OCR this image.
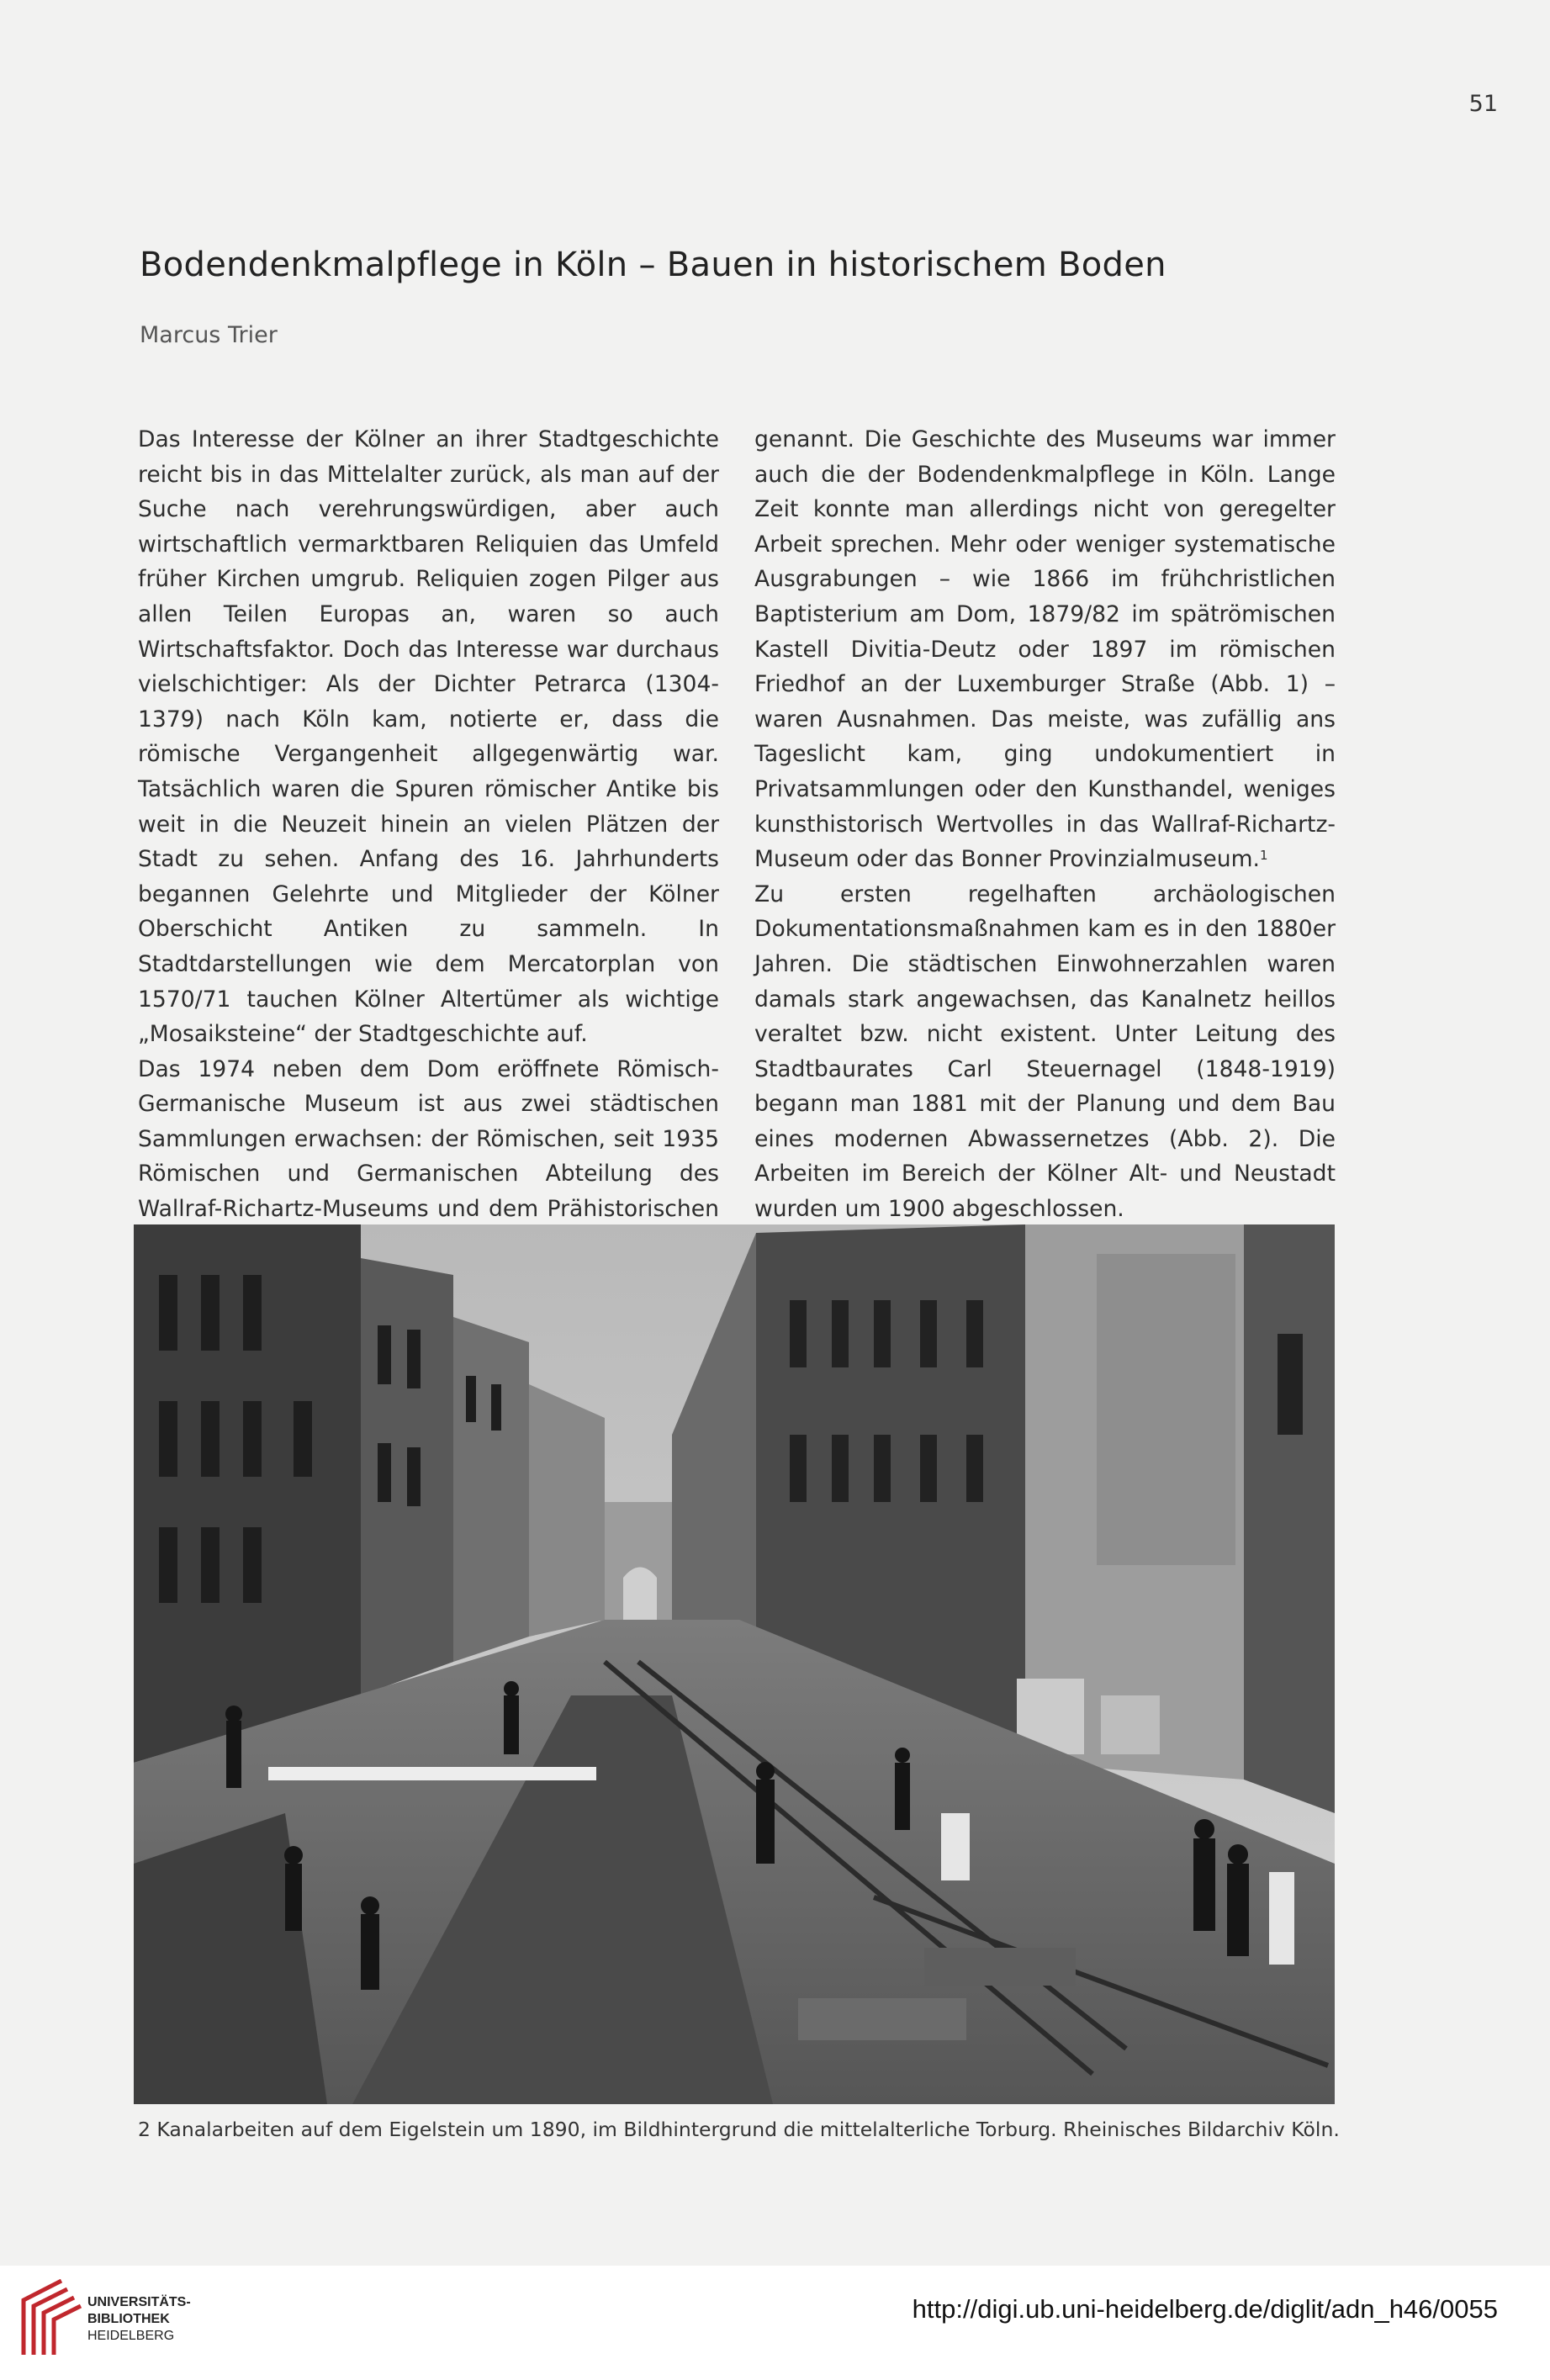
51
Bodendenkmalpflege in Köln – Bauen in historischem Boden
Marcus Trier

Das Interesse der Kölner an ihrer Stadtgeschichte reicht bis in das Mittelalter zurück, als man auf der Suche nach verehrungswürdigen, aber auch wirtschaftlich vermarktbaren Reliquien das Umfeld früher Kirchen umgrub. Reliquien zogen Pilger aus allen Teilen Europas an, waren so auch Wirtschaftsfaktor. Doch das Interesse war durchaus vielschichtiger: Als der Dichter Petrarca (1304-1379) nach Köln kam, notierte er, dass die römische Vergangenheit allgegenwärtig war. Tatsächlich waren die Spuren römischer Antike bis weit in die Neuzeit hinein an vielen Plätzen der Stadt zu sehen. Anfang des 16. Jahrhunderts begannen Gelehrte und Mitglieder der Kölner Oberschicht Antiken zu sammeln. In Stadtdarstellungen wie dem Mercatorplan von 1570/71 tauchen Kölner Altertümer als wichtige „Mosaiksteine“ der Stadtgeschichte auf.

Das 1974 neben dem Dom eröffnete Römisch-Germanische Museum ist aus zwei städtischen Sammlungen erwachsen: der Römischen, seit 1935 Römischen und Germanischen Abteilung des Wallraf-Richartz-Museums und dem Prähistorischen

genannt. Die Geschichte des Museums war immer auch die der Bodendenkmalpflege in Köln. Lange Zeit konnte man allerdings nicht von geregelter Arbeit sprechen. Mehr oder weniger systematische Ausgrabungen – wie 1866 im frühchristlichen Baptisterium am Dom, 1879/82 im spätrömischen Kastell Divitia-Deutz oder 1897 im römischen Friedhof an der Luxemburger Straße (Abb. 1) – waren Ausnahmen. Das meiste, was zufällig ans Tageslicht kam, ging undokumentiert in Privatsammlungen oder den Kunsthandel, weniges kunsthistorisch Wertvolles in das Wallraf-Richartz-Museum oder das Bonner Provinzialmuseum.$^1$

Zu ersten regelhaften archäologischen Dokumentationsmaßnahmen kam es in den 1880er Jahren. Die städtischen Einwohnerzahlen waren damals stark angewachsen, das Kanalnetz heillos veraltet bzw. nicht existent. Unter Leitung des Stadtbaurates Carl Steuernagel (1848-1919) begann man 1881 mit der Planung und dem Bau eines modernen Abwassernetzes (Abb. 2). Die Arbeiten im Bereich der Kölner Alt- und Neustadt wurden um 1900 abgeschlossen.

2 Kanalarbeiten auf dem Eigelstein um 1890, im Bildhintergrund die mittelalterliche Torburg. Rheinisches Bildarchiv Köln.
UNIVERSITÄTS-
BIBLIOTHEK
HEIDELBERG
http://digi.ub.uni-heidelberg.de/diglit/adn_h46/0055
